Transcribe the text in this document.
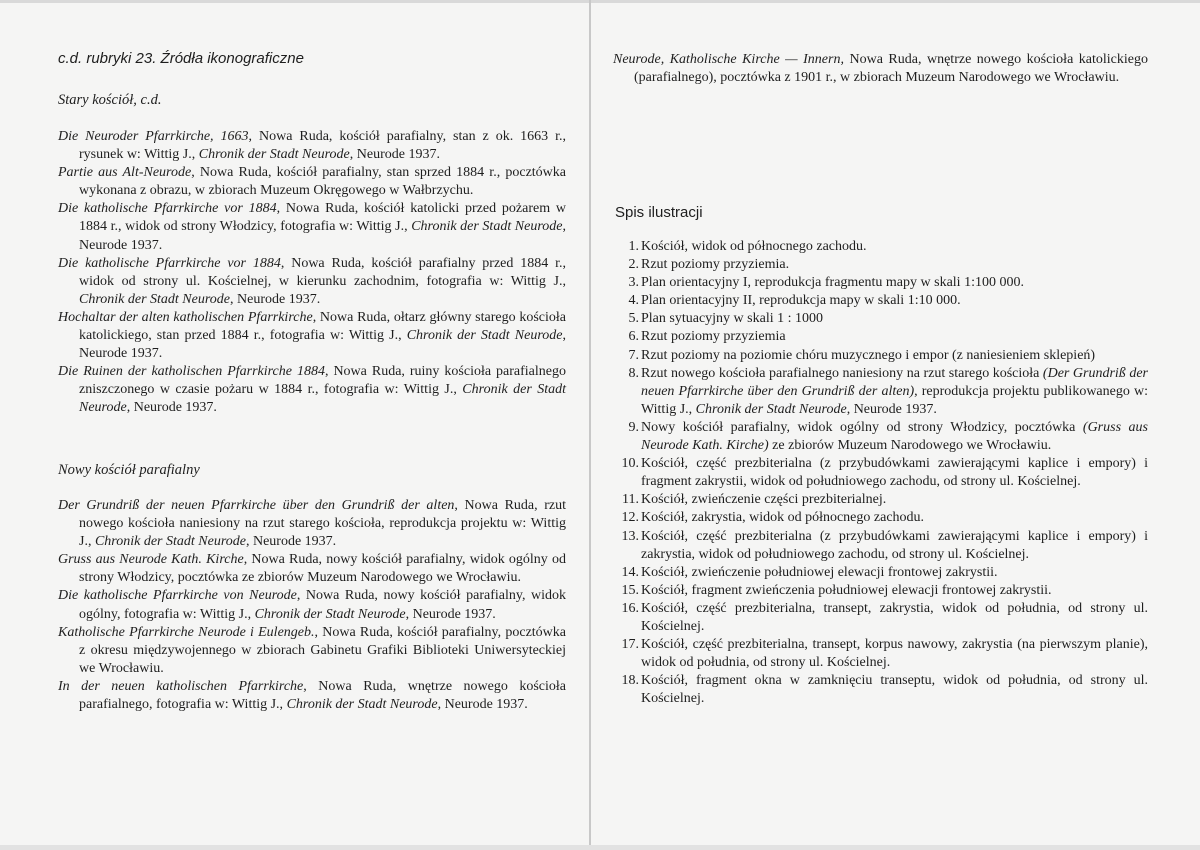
c.d. rubryki 23. Źródła ikonograficzne
Stary kościół, c.d.
Die Neuroder Pfarrkirche, 1663, Nowa Ruda, kościół parafialny, stan z ok. 1663 r., rysunek w: Wittig J., Chronik der Stadt Neurode, Neurode 1937.
Partie aus Alt-Neurode, Nowa Ruda, kościół parafialny, stan sprzed 1884 r., pocztówka wykonana z obrazu, w zbiorach Muzeum Okręgowego w Wałbrzychu.
Die katholische Pfarrkirche vor 1884, Nowa Ruda, kościół katolicki przed pożarem w 1884 r., widok od strony Włodzicy, fotografia w: Wittig J., Chronik der Stadt Neurode, Neurode 1937.
Die katholische Pfarrkirche vor 1884, Nowa Ruda, kościół parafialny przed 1884 r., widok od strony ul. Kościelnej, w kierunku zachodnim, fotografia w: Wittig J., Chronik der Stadt Neurode, Neurode 1937.
Hochaltar der alten katholischen Pfarrkirche, Nowa Ruda, ołtarz główny starego kościoła katolickiego, stan przed 1884 r., fotografia w: Wittig J., Chronik der Stadt Neurode, Neurode 1937.
Die Ruinen der katholischen Pfarrkirche 1884, Nowa Ruda, ruiny kościoła parafialnego zniszczonego w czasie pożaru w 1884 r., fotografia w: Wittig J., Chronik der Stadt Neurode, Neurode 1937.
Nowy kościół parafialny
Der Grundriß der neuen Pfarrkirche über den Grundriß der alten, Nowa Ruda, rzut nowego kościoła naniesiony na rzut starego kościoła, reprodukcja projektu w: Wittig J., Chronik der Stadt Neurode, Neurode 1937.
Gruss aus Neurode Kath. Kirche, Nowa Ruda, nowy kościół parafialny, widok ogólny od strony Włodzicy, pocztówka ze zbiorów Muzeum Narodowego we Wrocławiu.
Die katholische Pfarrkirche von Neurode, Nowa Ruda, nowy kościół parafialny, widok ogólny, fotografia w: Wittig J., Chronik der Stadt Neurode, Neurode 1937.
Katholische Pfarrkirche Neurode i Eulengeb., Nowa Ruda, kościół parafialny, pocztówka z okresu międzywojennego w zbiorach Gabinetu Grafiki Biblioteki Uniwersyteckiej we Wrocławiu.
In der neuen katholischen Pfarrkirche, Nowa Ruda, wnętrze nowego kościoła parafialnego, fotografia w: Wittig J., Chronik der Stadt Neurode, Neurode 1937.
Neurode, Katholische Kirche — Innern, Nowa Ruda, wnętrze nowego kościoła katolickiego (parafialnego), pocztówka z 1901 r., w zbiorach Muzeum Narodowego we Wrocławiu.
Spis ilustracji
1. Kościół, widok od północnego zachodu.
2. Rzut poziomy przyziemia.
3. Plan orientacyjny I, reprodukcja fragmentu mapy w skali 1:100 000.
4. Plan orientacyjny II, reprodukcja mapy w skali 1:10 000.
5. Plan sytuacyjny w skali 1 : 1000
6. Rzut poziomy przyziemia
7. Rzut poziomy na poziomie chóru muzycznego i empor (z naniesieniem sklepień)
8. Rzut nowego kościoła parafialnego naniesiony na rzut starego kościoła (Der Grundriß der neuen Pfarrkirche über den Grundriß der alten), reprodukcja projektu publikowanego w: Wittig J., Chronik der Stadt Neurode, Neurode 1937.
9. Nowy kościół parafialny, widok ogólny od strony Włodzicy, pocztówka (Gruss aus Neurode Kath. Kirche) ze zbiorów Muzeum Narodowego we Wrocławiu.
10. Kościół, część prezbiterialna (z przybudówkami zawierającymi kaplice i empory) i fragment zakrystii, widok od południowego zachodu, od strony ul. Kościelnej.
11. Kościół, zwieńczenie części prezbiterialnej.
12. Kościół, zakrystia, widok od północnego zachodu.
13. Kościół, część prezbiterialna (z przybudówkami zawierającymi kaplice i empory) i zakrystia, widok od południowego zachodu, od strony ul. Kościelnej.
14. Kościół, zwieńczenie południowej elewacji frontowej zakrystii.
15. Kościół, fragment zwieńczenia południowej elewacji frontowej zakrystii.
16. Kościół, część prezbiterialna, transept, zakrystia, widok od południa, od strony ul. Kościelnej.
17. Kościół, część prezbiterialna, transept, korpus nawowy, zakrystia (na pierwszym planie), widok od południa, od strony ul. Kościelnej.
18. Kościół, fragment okna w zamknięciu transeptu, widok od południa, od strony ul. Kościelnej.
